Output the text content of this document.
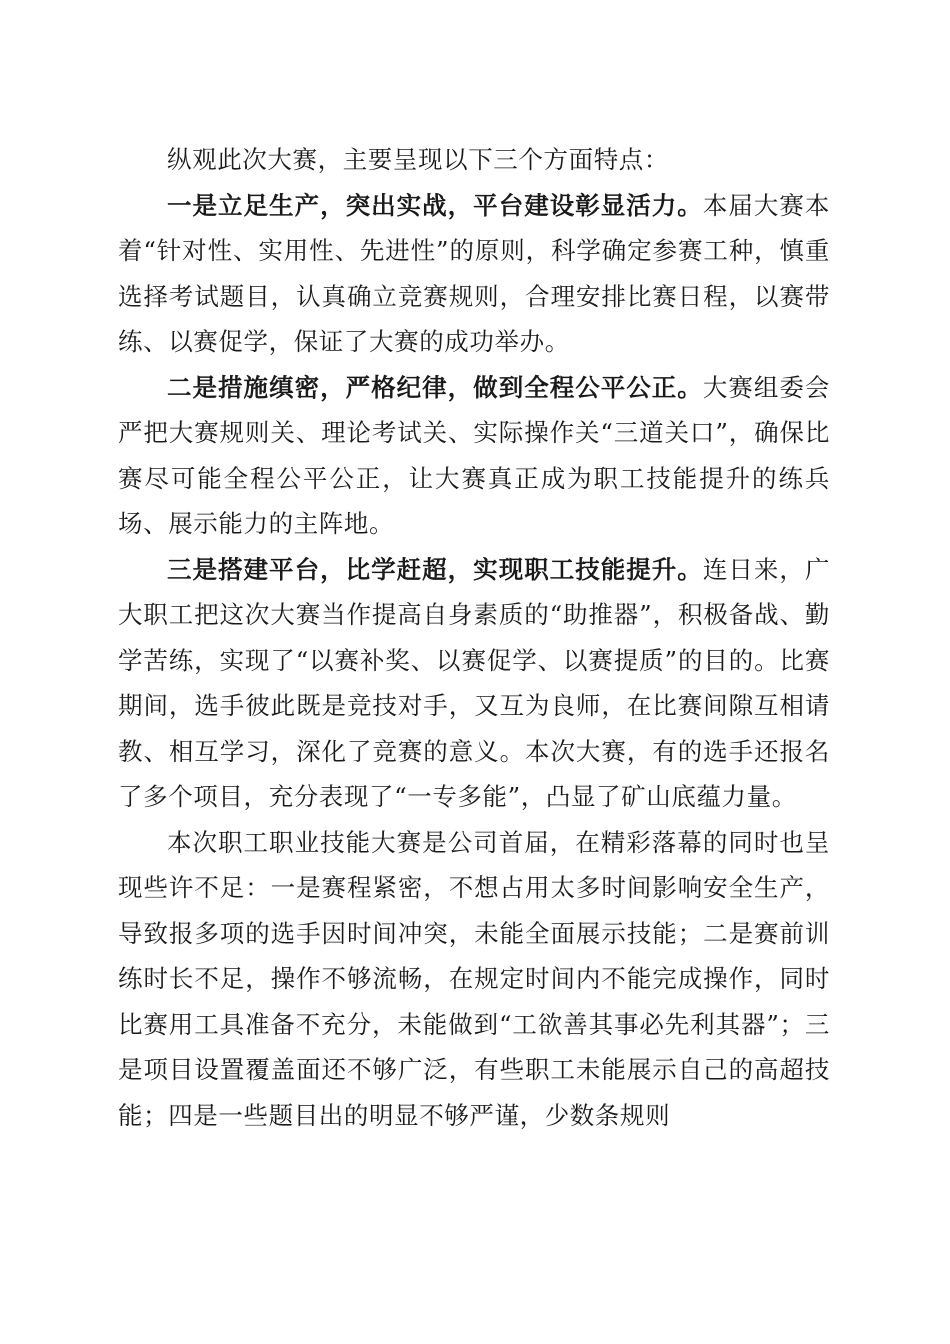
纵观此次大赛，主要呈现以下三个方面特点：

一是立足生产，突出实战，平台建设彰显活力。本届大赛本着“针对性、实用性、先进性”的原则，科学确定参赛工种，慎重选择考试题目，认真确立竞赛规则，合理安排比赛日程，以赛带练、以赛促学，保证了大赛的成功举办。

二是措施缜密，严格纪律，做到全程公平公正。大赛组委会严把大赛规则关、理论考试关、实际操作关“三道关口”，确保比赛尽可能全程公平公正，让大赛真正成为职工技能提升的练兵场、展示能力的主阵地。

三是搭建平台，比学赶超，实现职工技能提升。连日来，广大职工把这次大赛当作提高自身素质的“助推器”，积极备战、勤学苦练，实现了“以赛补奖、以赛促学、以赛提质”的目的。比赛期间，选手彼此既是竞技对手，又互为良师，在比赛间隙互相请教、相互学习，深化了竞赛的意义。本次大赛，有的选手还报名了多个项目，充分表现了“一专多能”，凸显了矿山底蕴力量。

本次职工职业技能大赛是公司首届，在精彩落幕的同时也呈现些许不足：一是赛程紧密，不想占用太多时间影响安全生产，导致报多项的选手因时间冲突，未能全面展示技能；二是赛前训练时长不足，操作不够流畅，在规定时间内不能完成操作，同时比赛用工具准备不充分，未能做到“工欲善其事必先利其器”；三是项目设置覆盖面还不够广泛，有些职工未能展示自己的高超技能；四是一些题目出的明显不够严谨，少数条规则
